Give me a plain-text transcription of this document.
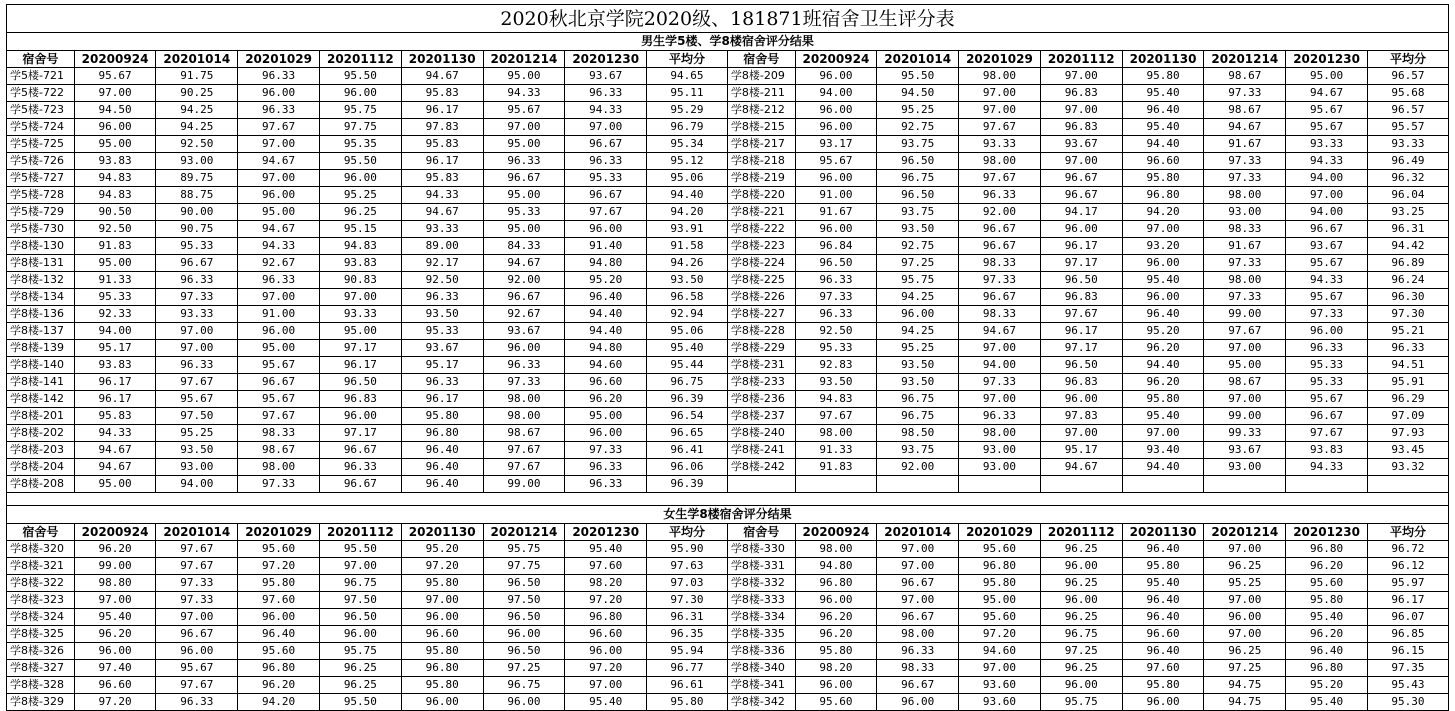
2020秋北京学院2020级、181871班宿舍卫生评分表
男生学5楼、学8楼宿舍评分结果																	
宿舍号	20200924	20201014	20201029	20201112	20201130	20201214	20201230	平均分	宿舍号	20200924	20201014	20201029	20201112	20201130	20201214	20201230	平均分
学5楼-721	95.67	91.75	96.33	95.50	94.67	95.00	93.67	94.65	学8楼-209	96.00	95.50	98.00	97.00	95.80	98.67	95.00	96.57
学5楼-722	97.00	90.25	96.00	96.00	95.83	94.33	96.33	95.11	学8楼-211	94.00	94.50	97.00	96.83	95.40	97.33	94.67	95.68
学5楼-723	94.50	94.25	96.33	95.75	96.17	95.67	94.33	95.29	学8楼-212	96.00	95.25	97.00	97.00	96.40	98.67	95.67	96.57
学5楼-724	96.00	94.25	97.67	97.75	97.83	97.00	97.00	96.79	学8楼-215	96.00	92.75	97.67	96.83	95.40	94.67	95.67	95.57
学5楼-725	95.00	92.50	97.00	95.35	95.83	95.00	96.67	95.34	学8楼-217	93.17	93.75	93.33	93.67	94.40	91.67	93.33	93.33
学5楼-726	93.83	93.00	94.67	95.50	96.17	96.33	96.33	95.12	学8楼-218	95.67	96.50	98.00	97.00	96.60	97.33	94.33	96.49
学5楼-727	94.83	89.75	97.00	96.00	95.83	96.67	95.33	95.06	学8楼-219	96.00	96.75	97.67	96.67	95.80	97.33	94.00	96.32
学5楼-728	94.83	88.75	96.00	95.25	94.33	95.00	96.67	94.40	学8楼-220	91.00	96.50	96.33	96.67	96.80	98.00	97.00	96.04
学5楼-729	90.50	90.00	95.00	96.25	94.67	95.33	97.67	94.20	学8楼-221	91.67	93.75	92.00	94.17	94.20	93.00	94.00	93.25
学5楼-730	92.50	90.75	94.67	95.15	93.33	95.00	96.00	93.91	学8楼-222	96.00	93.50	96.67	96.00	97.00	98.33	96.67	96.31
学8楼-130	91.83	95.33	94.33	94.83	89.00	84.33	91.40	91.58	学8楼-223	96.84	92.75	96.67	96.17	93.20	91.67	93.67	94.42
学8楼-131	95.00	96.67	92.67	93.83	92.17	94.67	94.80	94.26	学8楼-224	96.50	97.25	98.33	97.17	96.00	97.33	95.67	96.89
学8楼-132	91.33	96.33	96.33	90.83	92.50	92.00	95.20	93.50	学8楼-225	96.33	95.75	97.33	96.50	95.40	98.00	94.33	96.24
学8楼-134	95.33	97.33	97.00	97.00	96.33	96.67	96.40	96.58	学8楼-226	97.33	94.25	96.67	96.83	96.00	97.33	95.67	96.30
学8楼-136	92.33	93.33	91.00	93.33	93.50	92.67	94.40	92.94	学8楼-227	96.33	96.00	98.33	97.67	96.40	99.00	97.33	97.30
学8楼-137	94.00	97.00	96.00	95.00	95.33	93.67	94.40	95.06	学8楼-228	92.50	94.25	94.67	96.17	95.20	97.67	96.00	95.21
学8楼-139	95.17	97.00	95.00	97.17	93.67	96.00	94.80	95.40	学8楼-229	95.33	95.25	97.00	97.17	96.20	97.00	96.33	96.33
学8楼-140	93.83	96.33	95.67	96.17	95.17	96.33	94.60	95.44	学8楼-231	92.83	93.50	94.00	96.50	94.40	95.00	95.33	94.51
学8楼-141	96.17	97.67	96.67	96.50	96.33	97.33	96.60	96.75	学8楼-233	93.50	93.50	97.33	96.83	96.20	98.67	95.33	95.91
学8楼-142	96.17	95.67	95.67	96.83	96.17	98.00	96.20	96.39	学8楼-236	94.83	96.75	97.00	96.00	95.80	97.00	95.67	96.29
学8楼-201	95.83	97.50	97.67	96.00	95.80	98.00	95.00	96.54	学8楼-237	97.67	96.75	96.33	97.83	95.40	99.00	96.67	97.09
学8楼-202	94.33	95.25	98.33	97.17	96.80	98.67	96.00	96.65	学8楼-240	98.00	98.50	98.00	97.00	97.00	99.33	97.67	97.93
学8楼-203	94.67	93.50	98.67	96.67	96.40	97.67	97.33	96.41	学8楼-241	91.33	93.75	93.00	95.17	93.40	93.67	93.83	93.45
学8楼-204	94.67	93.00	98.00	96.33	96.40	97.67	96.33	96.06	学8楼-242	91.83	92.00	93.00	94.67	94.40	93.00	94.33	93.32
学8楼-208	95.00	94.00	97.33	96.67	96.40	99.00	96.33	96.39									

女生学8楼宿舍评分结果																	
宿舍号	20200924	20201014	20201029	20201112	20201130	20201214	20201230	平均分	宿舍号	20200924	20201014	20201029	20201112	20201130	20201214	20201230	平均分
学8楼-320	96.20	97.67	95.60	95.50	95.20	95.75	95.40	95.90	学8楼-330	98.00	97.00	95.60	96.25	96.40	97.00	96.80	96.72
学8楼-321	99.00	97.67	97.20	97.00	97.20	97.75	97.60	97.63	学8楼-331	94.80	97.00	96.80	96.00	95.80	96.25	96.20	96.12
学8楼-322	98.80	97.33	95.80	96.75	95.80	96.50	98.20	97.03	学8楼-332	96.80	96.67	95.80	96.25	95.40	95.25	95.60	95.97
学8楼-323	97.00	97.33	97.60	97.50	97.00	97.50	97.20	97.30	学8楼-333	96.00	97.00	95.00	96.00	96.40	97.00	95.80	96.17
学8楼-324	95.40	97.00	96.00	96.50	96.00	96.50	96.80	96.31	学8楼-334	96.20	96.67	95.60	96.25	96.40	96.00	95.40	96.07
学8楼-325	96.20	96.67	96.40	96.00	96.60	96.00	96.60	96.35	学8楼-335	96.20	98.00	97.20	96.75	96.60	97.00	96.20	96.85
学8楼-326	96.00	96.00	95.60	95.75	95.80	96.50	96.00	95.94	学8楼-336	95.80	96.33	94.60	97.25	96.40	96.25	96.40	96.15
学8楼-327	97.40	95.67	96.80	96.25	96.80	97.25	97.20	96.77	学8楼-340	98.20	98.33	97.00	96.25	97.60	97.25	96.80	97.35
学8楼-328	96.60	97.67	96.20	96.25	95.80	96.75	97.00	96.61	学8楼-341	96.00	96.67	93.60	96.00	95.80	94.75	95.20	95.43
学8楼-329	97.20	96.33	94.20	95.50	96.00	96.00	95.40	95.80	学8楼-342	95.60	96.00	93.60	95.75	96.00	94.75	95.40	95.30
